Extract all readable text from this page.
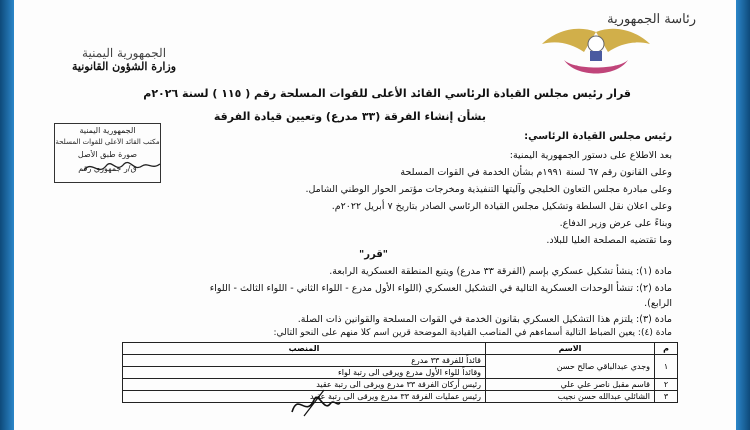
رئاسة الجمهورية
الجمهورية اليمنية
وزارة الشؤون القانونية
قرار رئيس مجلس القيادة الرئاسي القائد الأعلى للقوات المسلحة رقم ( ١١٥ ) لسنة ٢٠٢٦م
بشأن إنشاء الفرقة (٣٣ مدرع) وتعيين قيادة الفرقة
الجمهورية اليمنية
مكتب القائد الأعلى للقوات المسلحة
صورة طبق الأصل
ق/ر جمهوري رقم
رئيس مجلس القيادة الرئاسي:
بعد الاطلاع على دستور الجمهورية اليمنية:
وعلى القانون رقم ٦٧ لسنة ١٩٩١م بشأن الخدمة في القوات المسلحة
وعلى مبادرة مجلس التعاون الخليجي وآليتها التنفيذية ومخرجات مؤتمر الحوار الوطني الشامل.
وعلى اعلان نقل السلطة وتشكيل مجلس القيادة الرئاسي الصادر بتاريخ ٧ أبريل ٢٠٢٢م.
وبناءً على عرض وزير الدفاع.
وما تقتضيه المصلحة العليا للبلاد.
"قرر"
مادة (١): ينشأ تشكيل عسكري بإسم (الفرقة ٣٣ مدرع) ويتبع المنطقة العسكرية الرابعة.
مادة (٢): تنشأ الوحدات العسكرية التالية في التشكيل العسكري (اللواء الأول مدرع - اللواء الثاني - اللواء الثالث - اللواء
الرابع).
مادة (٣): يلتزم هذا التشكيل العسكري بقانون الخدمة في القوات المسلحة والقوانين ذات الصلة.
مادة (٤): يعين الضباط التالية أسماءهم في المناصب القيادية الموضحة قرين اسم كلا منهم على النحو التالي:
م	الاسم	المنصب
١	وجدي عبدالباقي صالح حسن	قائداً للفرقة ٣٣ مدرع
		وقائداً للواء الأول مدرع ويرقى الى رتبة لواء
٢	قاسم مقبل ناصر علي علي	رئيس أركان الفرقة ٣٣ مدرع ويرقى الى رتبة عقيد
٣	الشائلي عبدالله حسن نجيب	رئيس عمليات الفرقة ٣٣ مدرع ويرقى الى رتبة عقيد
